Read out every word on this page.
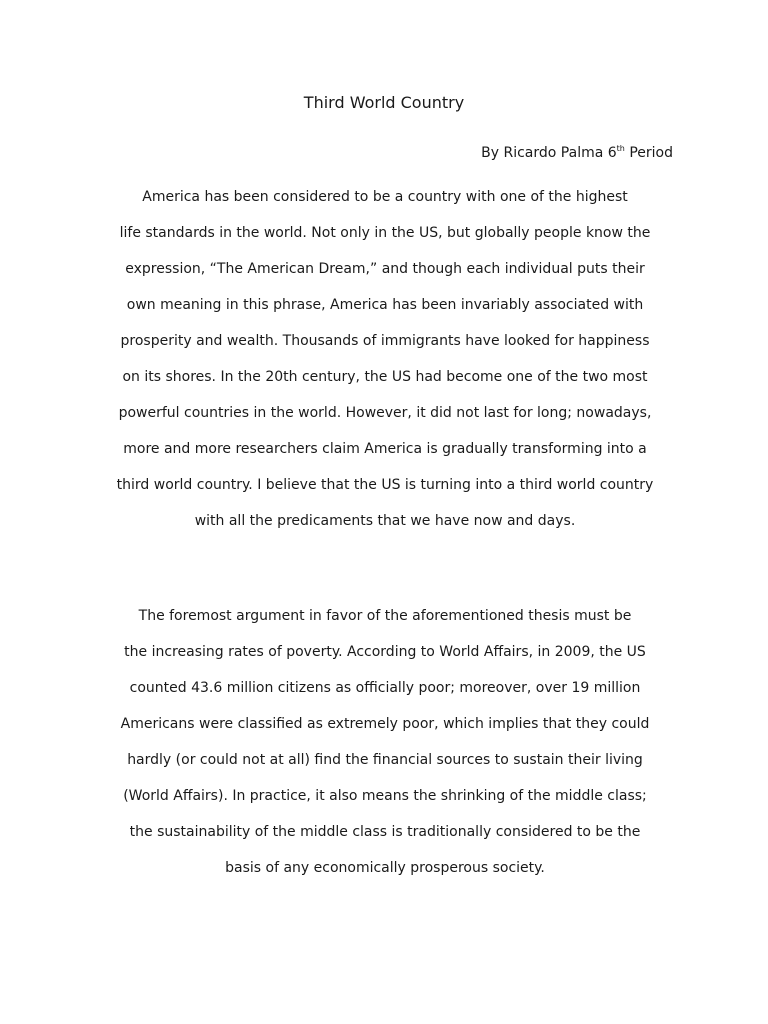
Third World Country
By Ricardo Palma 6th Period
America has been considered to be a country with one of the highest
life standards in the world. Not only in the US, but globally people know the
expression, “The American Dream,” and though each individual puts their
own meaning in this phrase, America has been invariably associated with
prosperity and wealth. Thousands of immigrants have looked for happiness
on its shores. In the 20th century, the US had become one of the two most
powerful countries in the world. However, it did not last for long; nowadays,
more and more researchers claim America is gradually transforming into a
third world country. I believe that the US is turning into a third world country
with all the predicaments that we have now and days.
The foremost argument in favor of the aforementioned thesis must be
the increasing rates of poverty. According to World Affairs, in 2009, the US
counted 43.6 million citizens as officially poor; moreover, over 19 million
Americans were classified as extremely poor, which implies that they could
hardly (or could not at all) find the financial sources to sustain their living
(World Affairs). In practice, it also means the shrinking of the middle class;
the sustainability of the middle class is traditionally considered to be the
basis of any economically prosperous society.
